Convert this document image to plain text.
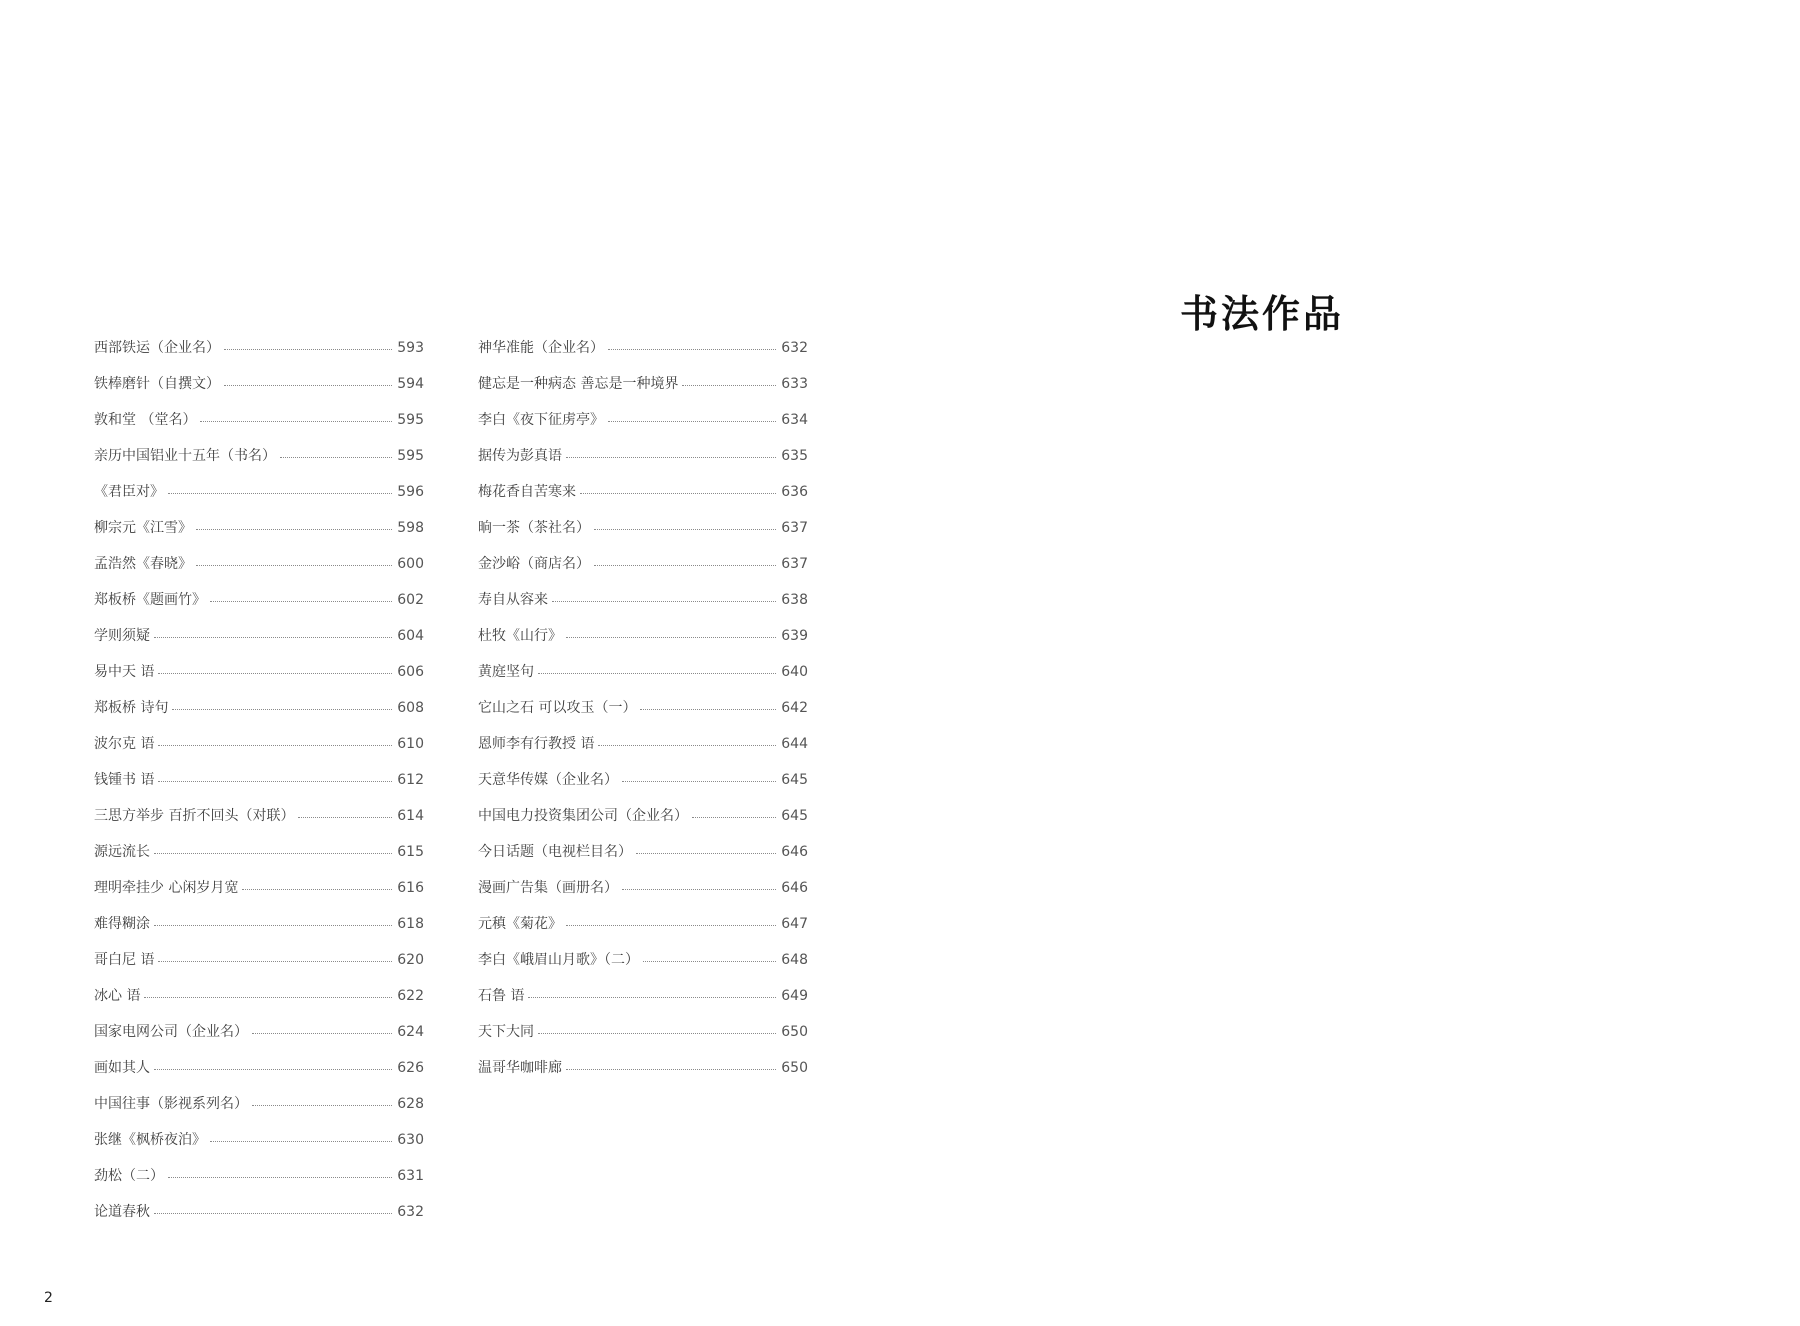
西部铁运（企业名）	593
铁棒磨针（自撰文）	594
敦和堂 （堂名）	595
亲历中国铝业十五年（书名）	595
《君臣对》	596
柳宗元《江雪》	598
孟浩然《春晓》	600
郑板桥《题画竹》	602
学则须疑	604
易中天 语	606
郑板桥 诗句	608
波尔克 语	610
钱锺书 语	612
三思方举步 百折不回头（对联）	614
源远流长	615
理明牵挂少 心闲岁月宽	616
难得糊涂	618
哥白尼 语	620
冰心 语	622
国家电网公司（企业名）	624
画如其人	626
中国往事（影视系列名）	628
张继《枫桥夜泊》	630
劲松（二）	631
论道春秋	632
神华准能（企业名）	632
健忘是一种病态 善忘是一种境界	633
李白《夜下征虏亭》	634
据传为彭真语	635
梅花香自苦寒来	636
晌一茶（茶社名）	637
金沙峪（商店名）	637
寿自从容来	638
杜牧《山行》	639
黄庭坚句	640
它山之石 可以攻玉（一）	642
恩师李有行教授 语	644
天意华传媒（企业名）	645
中国电力投资集团公司（企业名）	645
今日话题（电视栏目名）	646
漫画广告集（画册名）	646
元稹《菊花》	647
李白《峨眉山月歌》（二）	648
石鲁 语	649
天下大同	650
温哥华咖啡廊	650
书法作品
2
